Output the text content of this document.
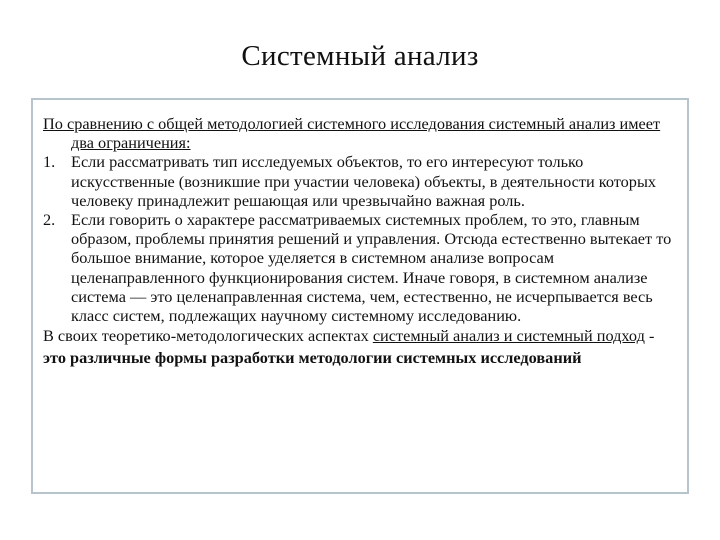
Системный анализ
По сравнению с общей методологией системного исследования системный анализ имеет два ограничения:
1. Если рассматривать тип исследуемых объектов, то его интересуют только искусственные (возникшие при участии человека) объекты, в деятельности которых человеку принадлежит решающая или чрезвычайно важная роль.
2. Если говорить о характере рассматриваемых системных проблем, то это, главным образом, проблемы принятия решений и управления. Отсюда естественно вытекает то большое внимание, которое уделяется в системном анализе вопросам целенаправленного функционирования систем. Иначе говоря, в системном анализе система — это целенаправленная система, чем, естественно, не исчерпывается весь класс систем, подлежащих научному системному исследованию.
В своих теоретико-методологических аспектах системный анализ и системный подход - это различные формы разработки методологии системных исследований
